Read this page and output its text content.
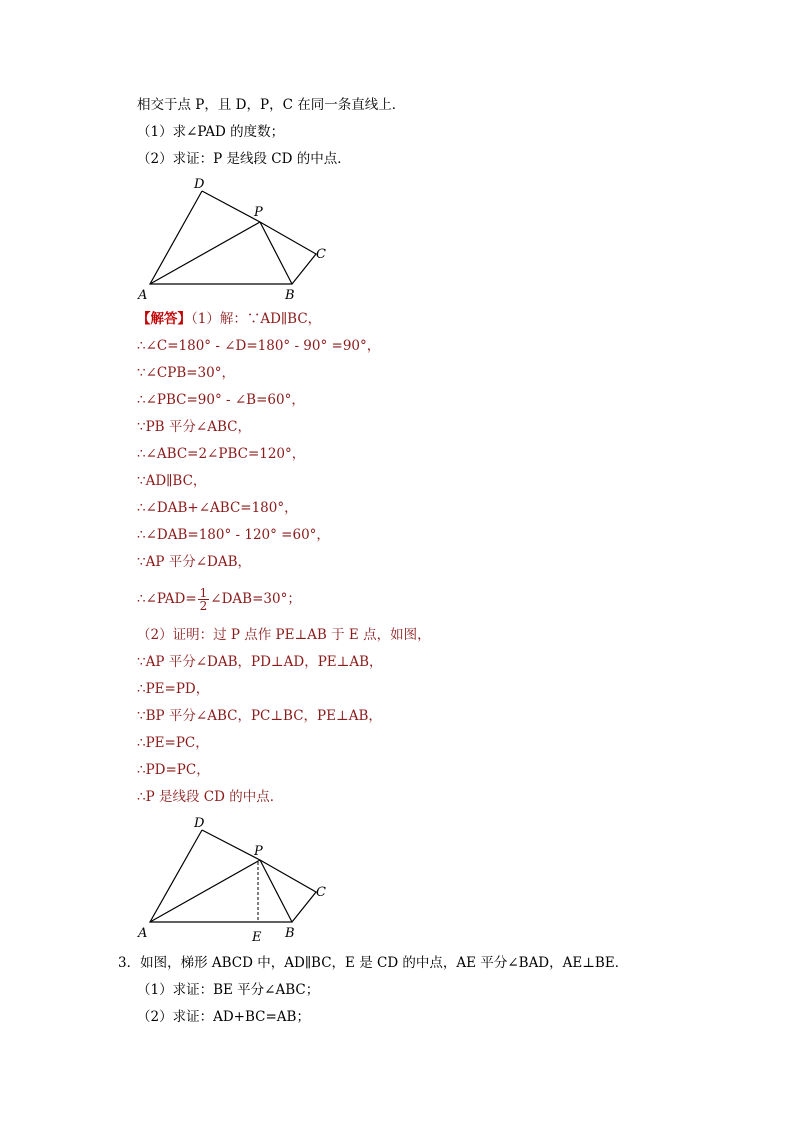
相交于点 P，且 D，P，C 在同一条直线上．
（1）求∠PAD 的度数；
（2）求证：P 是线段 CD 的中点．
D
P
C
A	B
【解答】（1）解：∵AD∥BC，
∴∠C=180° - ∠D=180° - 90° =90°，
∵∠CPB=30°，
∴∠PBC=90° - ∠B=60°，
∵PB 平分∠ABC，
∴∠ABC=2∠PBC=120°，
∵AD∥BC，
∴∠DAB+∠ABC=180°，
∴∠DAB=180° - 120° =60°，
∵AP 平分∠DAB，
∴∠PAD= $\frac{1}{2}$ ∠DAB=30°；
（2）证明：过 P 点作 PE⊥AB 于 E 点，如图，
∵AP 平分∠DAB，PD⊥AD，PE⊥AB，
∴PE=PD，
∵BP 平分∠ABC，PC⊥BC，PE⊥AB，
∴PE=PC，
∴PD=PC，
∴P 是线段 CD 的中点．
D
P
C
A	E B
3．如图，梯形 ABCD 中，AD∥BC，E 是 CD 的中点，AE 平分∠BAD，AE⊥BE．
（1）求证：BE 平分∠ABC；
（2）求证：AD+BC=AB；
